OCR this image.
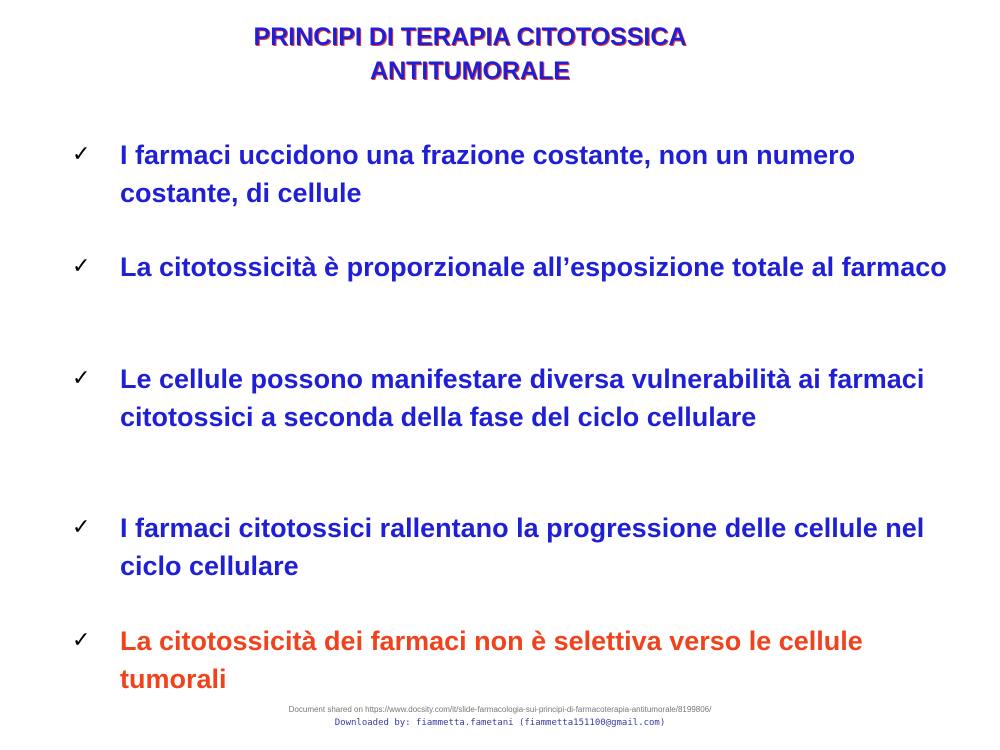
PRINCIPI DI TERAPIA CITOTOSSICA
ANTITUMORALE
✓ I farmaci uccidono una frazione costante, non un numero costante, di cellule
✓ La citotossicità è proporzionale all’esposizione totale al farmaco
✓ Le cellule possono manifestare diversa vulnerabilità ai farmaci citotossici a seconda della fase del ciclo cellulare
✓ I farmaci citotossici rallentano la progressione delle cellule nel ciclo cellulare
✓ La citotossicità dei farmaci non è selettiva verso le cellule tumorali
Document shared on https://www.docsity.com/it/slide-farmacologia-sui-principi-di-farmacoterapia-antitumorale/8199806/
Downloaded by: fiammetta.fametani (fiammetta151100@gmail.com)
